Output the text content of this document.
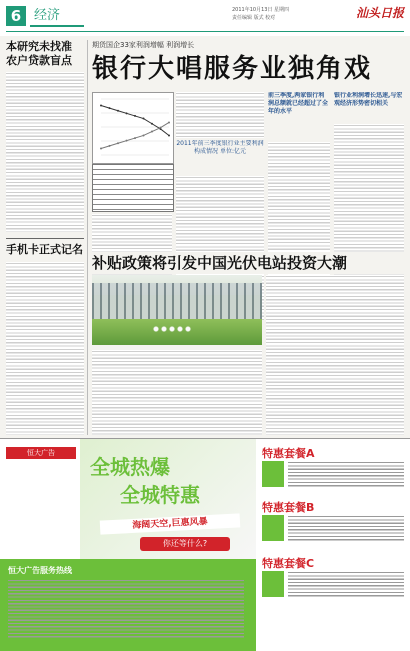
6 经济	2011年10月13日 星期四
责任编辑 版式 校对	汕头日报
本研究未找准 农户贷款盲点
手机卡正式记名
期货国企33家利润增幅 利润增长
银行大唱服务业独角戏
2011年前三季度银行业主要利润构成情况 单位:亿元
前三季度,两家银行利润总额就已经超过了全年的水平
银行业利润增长迅速,与宏观经济形势密切相关
补贴政策将引发中国光伏电站投资大潮
恒大广告
全城热爆
全城特惠
海阔天空,巨惠风暴
你还等什么?
特惠套餐A
特惠套餐B
特惠套餐C
恒大广告服务热线
